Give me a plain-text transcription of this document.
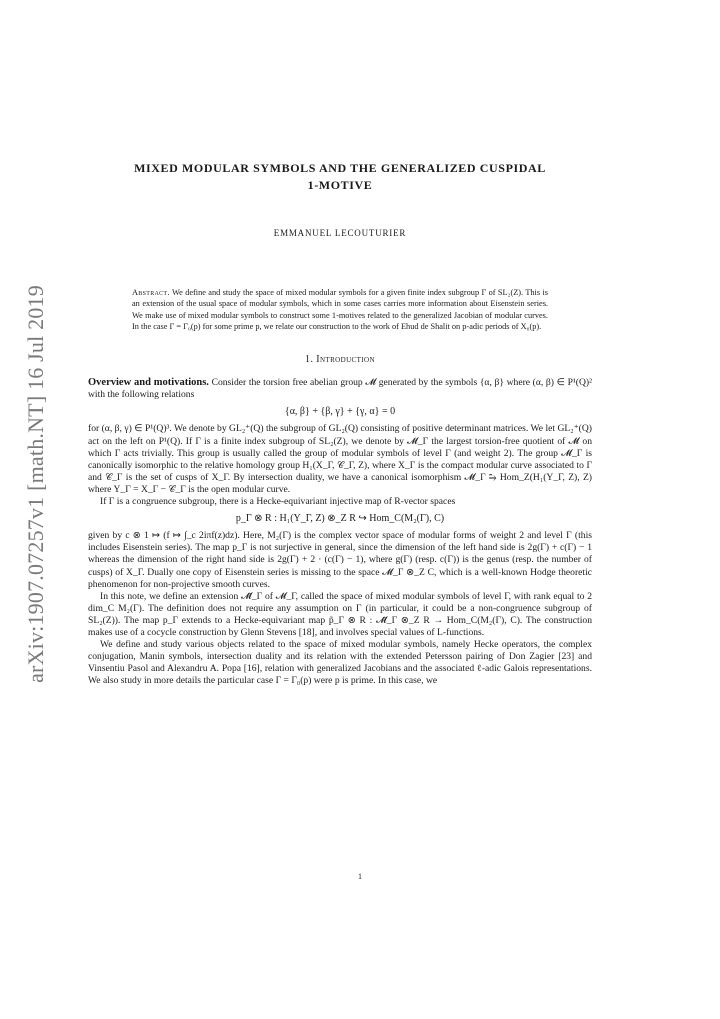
arXiv:1907.07257v1 [math.NT] 16 Jul 2019
MIXED MODULAR SYMBOLS AND THE GENERALIZED CUSPIDAL
1-MOTIVE
EMMANUEL LECOUTURIER
Abstract. We define and study the space of mixed modular symbols for a given finite index subgroup Γ of SL₂(Z). This is an extension of the usual space of modular symbols, which in some cases carries more information about Eisenstein series. We make use of mixed modular symbols to construct some 1-motives related to the generalized Jacobian of modular curves. In the case Γ = Γ₀(p) for some prime p, we relate our construction to the work of Ehud de Shalit on p-adic periods of X₀(p).
1. Introduction

Overview and motivations. Consider the torsion free abelian group 𝓜 generated by the symbols {α, β} where (α, β) ∈ P¹(Q)² with the following relations

{α, β} + {β, γ} + {γ, α} = 0

for (α, β, γ) ∈ P¹(Q)³. We denote by GL₂⁺(Q) the subgroup of GL₂(Q) consisting of positive determinant matrices. We let GL₂⁺(Q) act on the left on P¹(Q). If Γ is a finite index subgroup of SL₂(Z), we denote by 𝓜_Γ the largest torsion-free quotient of 𝓜 on which Γ acts trivially. This group is usually called the group of modular symbols of level Γ (and weight 2). The group 𝓜_Γ is canonically isomorphic to the relative homology group H₁(X_Γ, 𝒞_Γ, Z), where X_Γ is the compact modular curve associated to Γ and 𝒞_Γ is the set of cusps of X_Γ. By intersection duality, we have a canonical isomorphism 𝓜_Γ ⥲ Hom_Z(H₁(Y_Γ, Z), Z) where Y_Γ = X_Γ − 𝒞_Γ is the open modular curve.

If Γ is a congruence subgroup, there is a Hecke-equivariant injective map of R-vector spaces

p_Γ ⊗ R : H₁(Y_Γ, Z) ⊗_Z R ↪ Hom_C(M₂(Γ), C)

given by c ⊗ 1 ↦ (f ↦ ∫_c 2iπf(z)dz). Here, M₂(Γ) is the complex vector space of modular forms of weight 2 and level Γ (this includes Eisenstein series). The map p_Γ is not surjective in general, since the dimension of the left hand side is 2g(Γ) + c(Γ) − 1 whereas the dimension of the right hand side is 2g(Γ) + 2 · (c(Γ) − 1), where g(Γ) (resp. c(Γ)) is the genus (resp. the number of cusps) of X_Γ. Dually one copy of Eisenstein series is missing to the space 𝓜_Γ ⊗_Z C, which is a well-known Hodge theoretic phenomenon for non-projective smooth curves.

In this note, we define an extension 𝓜̃_Γ of 𝓜_Γ, called the space of mixed modular symbols of level Γ, with rank equal to 2 dim_C M₂(Γ). The definition does not require any assumption on Γ (in particular, it could be a non-congruence subgroup of SL₂(Z)). The map p_Γ extends to a Hecke-equivariant map p̃_Γ ⊗ R : 𝓜̃_Γ ⊗_Z R → Hom_C(M₂(Γ), C). The construction makes use of a cocycle construction by Glenn Stevens [18], and involves special values of L-functions.

We define and study various objects related to the space of mixed modular symbols, namely Hecke operators, the complex conjugation, Manin symbols, intersection duality and its relation with the extended Petersson pairing of Don Zagier [23] and Vinsentiu Pasol and Alexandru A. Popa [16], relation with generalized Jacobians and the associated ℓ-adic Galois representations. We also study in more details the particular case Γ = Γ₀(p) were p is prime. In this case, we

1
